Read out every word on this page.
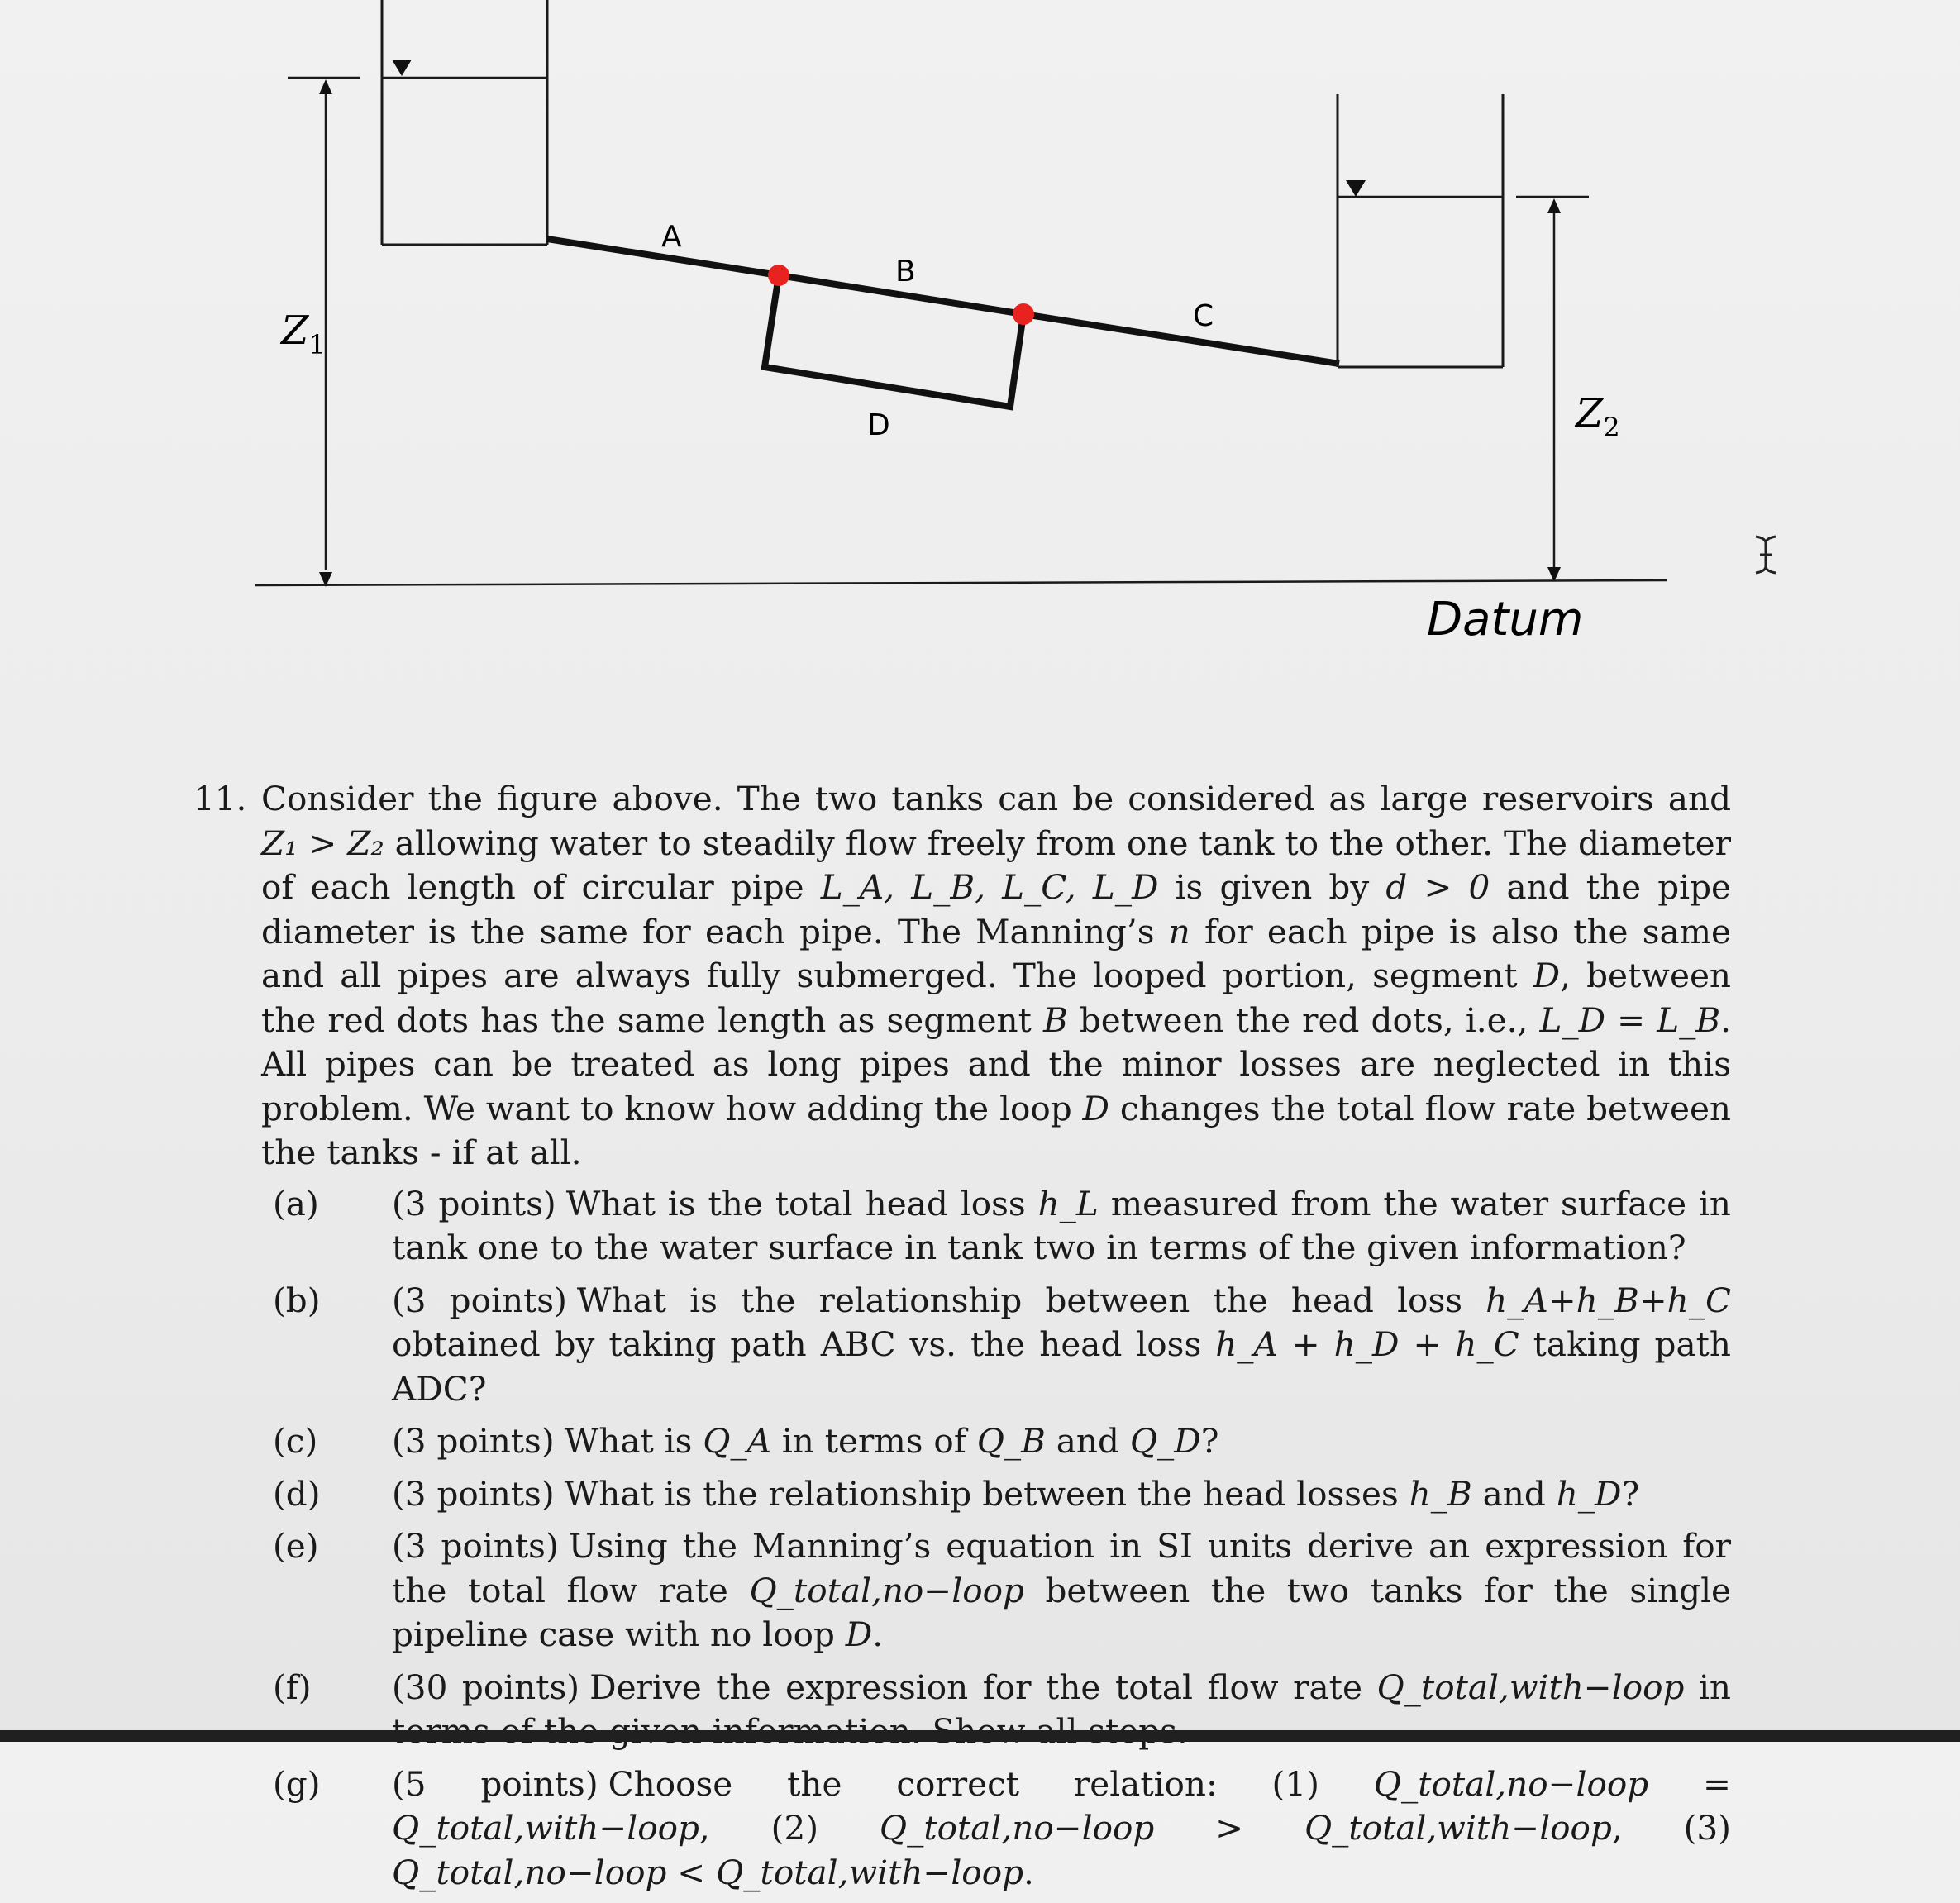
$Z_1$
A
B
C
D	$Z_2$
Datum
11. Consider the figure above. The two tanks can be considered as large reservoirs and Z₁ > Z₂ allowing water to steadily flow freely from one tank to the other. The diameter of each length of circular pipe L_A, L_B, L_C, L_D is given by d > 0 and the pipe diameter is the same for each pipe. The Manning’s n for each pipe is also the same and all pipes are always fully submerged. The looped portion, segment D, between the red dots has the same length as segment B between the red dots, i.e., L_D = L_B. All pipes can be treated as long pipes and the minor losses are neglected in this problem. We want to know how adding the loop D changes the total flow rate between the tanks - if at all.
(a) (3 points) What is the total head loss h_L measured from the water surface in tank one to the water surface in tank two in terms of the given information?
(b) (3 points) What is the relationship between the head loss h_A+h_B+h_C obtained by taking path ABC vs. the head loss h_A + h_D + h_C taking path ADC?
(c) (3 points) What is Q_A in terms of Q_B and Q_D?
(d) (3 points) What is the relationship between the head losses h_B and h_D?
(e) (3 points) Using the Manning’s equation in SI units derive an expression for the total flow rate Q_total,no−loop between the two tanks for the single pipeline case with no loop D.
(f) (30 points) Derive the expression for the total flow rate Q_total,with−loop in
(g) (5 points) Choose the correct relation: (1) Q_total,no−loop = Q_total,with−loop, (2) Q_total,no−loop > Q_total,with−loop, (3) Q_total,no−loop < Q_total,with−loop.
